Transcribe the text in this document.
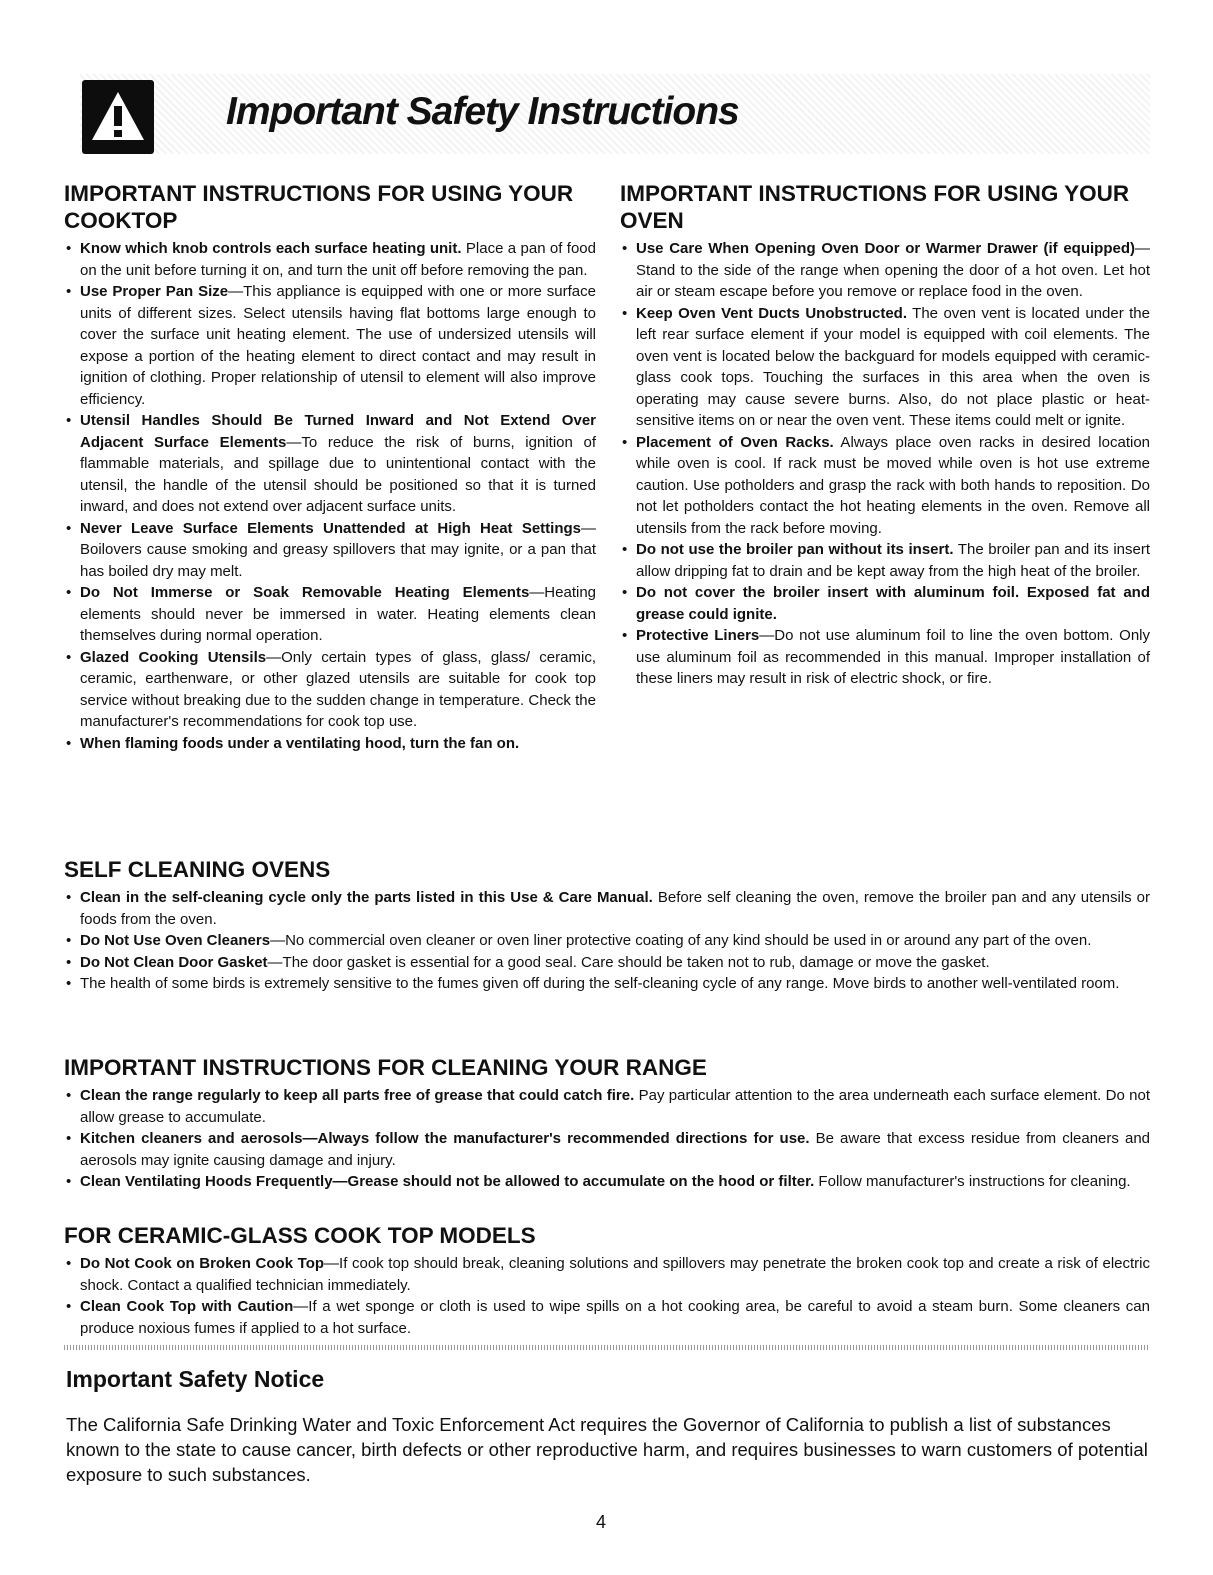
Important Safety Instructions
IMPORTANT INSTRUCTIONS FOR USING YOUR COOKTOP
• Know which knob controls each surface heating unit. Place a pan of food on the unit before turning it on, and turn the unit off before removing the pan.
• Use Proper Pan Size—This appliance is equipped with one or more surface units of different sizes. Select utensils having flat bottoms large enough to cover the surface unit heating element. The use of undersized utensils will expose a portion of the heating element to direct contact and may result in ignition of clothing. Proper relationship of utensil to element will also improve efficiency.
• Utensil Handles Should Be Turned Inward and Not Extend Over Adjacent Surface Elements—To reduce the risk of burns, ignition of flammable materials, and spillage due to unintentional contact with the utensil, the handle of the utensil should be positioned so that it is turned inward, and does not extend over adjacent surface units.
• Never Leave Surface Elements Unattended at High Heat Settings—Boilovers cause smoking and greasy spillovers that may ignite, or a pan that has boiled dry may melt.
• Do Not Immerse or Soak Removable Heating Elements—Heating elements should never be immersed in water. Heating elements clean themselves during normal operation.
• Glazed Cooking Utensils—Only certain types of glass, glass/ ceramic, ceramic, earthenware, or other glazed utensils are suitable for cook top service without breaking due to the sudden change in temperature. Check the manufacturer's recommendations for cook top use.
• When flaming foods under a ventilating hood, turn the fan on.
IMPORTANT INSTRUCTIONS FOR USING YOUR OVEN
• Use Care When Opening Oven Door or Warmer Drawer (if equipped)—Stand to the side of the range when opening the door of a hot oven. Let hot air or steam escape before you remove or replace food in the oven.
• Keep Oven Vent Ducts Unobstructed. The oven vent is located under the left rear surface element if your model is equipped with coil elements. The oven vent is located below the backguard for models equipped with ceramic-glass cook tops. Touching the surfaces in this area when the oven is operating may cause severe burns. Also, do not place plastic or heat-sensitive items on or near the oven vent. These items could melt or ignite.
• Placement of Oven Racks. Always place oven racks in desired location while oven is cool. If rack must be moved while oven is hot use extreme caution. Use potholders and grasp the rack with both hands to reposition. Do not let potholders contact the hot heating elements in the oven. Remove all utensils from the rack before moving.
• Do not use the broiler pan without its insert. The broiler pan and its insert allow dripping fat to drain and be kept away from the high heat of the broiler.
• Do not cover the broiler insert with aluminum foil. Exposed fat and grease could ignite.
• Protective Liners—Do not use aluminum foil to line the oven bottom. Only use aluminum foil as recommended in this manual. Improper installation of these liners may result in risk of electric shock, or fire.
SELF CLEANING OVENS
• Clean in the self-cleaning cycle only the parts listed in this Use & Care Manual. Before self cleaning the oven, remove the broiler pan and any utensils or foods from the oven.
• Do Not Use Oven Cleaners—No commercial oven cleaner or oven liner protective coating of any kind should be used in or around any part of the oven.
• Do Not Clean Door Gasket—The door gasket is essential for a good seal. Care should be taken not to rub, damage or move the gasket.
• The health of some birds is extremely sensitive to the fumes given off during the self-cleaning cycle of any range. Move birds to another well-ventilated room.
IMPORTANT INSTRUCTIONS FOR CLEANING YOUR RANGE
• Clean the range regularly to keep all parts free of grease that could catch fire. Pay particular attention to the area underneath each surface element. Do not allow grease to accumulate.
• Kitchen cleaners and aerosols—Always follow the manufacturer's recommended directions for use. Be aware that excess residue from cleaners and aerosols may ignite causing damage and injury.
• Clean Ventilating Hoods Frequently—Grease should not be allowed to accumulate on the hood or filter. Follow manufacturer's instructions for cleaning.
FOR CERAMIC-GLASS COOK TOP MODELS
• Do Not Cook on Broken Cook Top—If cook top should break, cleaning solutions and spillovers may penetrate the broken cook top and create a risk of electric shock. Contact a qualified technician immediately.
• Clean Cook Top with Caution—If a wet sponge or cloth is used to wipe spills on a hot cooking area, be careful to avoid a steam burn. Some cleaners can produce noxious fumes if applied to a hot surface.
Important Safety Notice

The California Safe Drinking Water and Toxic Enforcement Act requires the Governor of California to publish a list of substances known to the state to cause cancer, birth defects or other reproductive harm, and requires businesses to warn customers of potential exposure to such substances.

4
